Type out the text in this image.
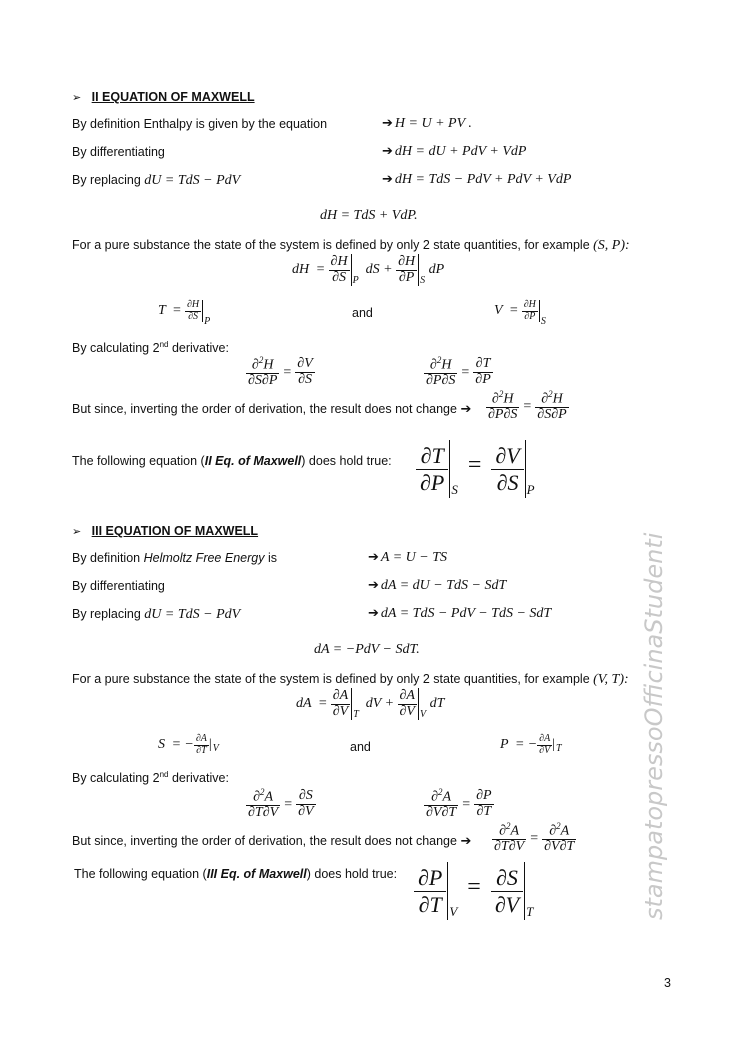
➢ II EQUATION OF MAXWELL
By definition Enthalpy is given by the equation	➔ H = U + PV .
By differentiating	➔ dH = dU + PdV + VdP
By replacing dU = TdS − PdV	➔ dH = TdS − PdV + PdV + VdP
dH = TdS + VdP.
For a pure substance the state of the system is defined by only 2 state quantities, for example (S, P):
dH = $\frac{\partial H}{\partial S} _P$  dS + $\frac{\partial H}{\partial P} _S$ dP
$T = \frac{\partial H}{\partial S} _P$
and	$V = \frac{\partial H}{\partial P} _S$
By calculating 2nd derivative:
$\frac{\partial^2H}{\partial S\partial P} = \frac{\partial V}{\partial S}$	$\frac{\partial^2H}{\partial P\partial S} = \frac{\partial T}{\partial P}$
But since, inverting the order of derivation, the result does not change ➔ $\frac{\partial^2H}{\partial P\partial S} = \frac{\partial^2H}{\partial S\partial P}$
The following equation (II Eq. of Maxwell) does hold true: $\frac{\partial T}{\partial P} S= \frac{\partial V}{\partial S}$ P
➢ III EQUATION OF MAXWELL
By definition Helmoltz Free Energy is	➔ A = U − TS
By differentiating	➔ dA = dU − TdS − SdT
By replacing dU = TdS − PdV	➔ dA = TdS − PdV − TdS − SdT
dA = −PdV − SdT.
For a pure substance the state of the system is defined by only 2 state quantities, for example (V, T):
dA = $\frac{\partial A}{\partial V} _T$  dV + $\frac{\partial A}{\partial V} _V$ dT
S = − $\frac{\partial A}{\partial T} |_V$	and	P = − $\frac{\partial A}{\partial V} |_T$
By calculating 2nd derivative:
$\frac{\partial^2A}{\partial T\partial V} = \frac{\partial S}{\partial V}$	$\frac{\partial^2A}{\partial V\partial T} = \frac{\partial P}{\partial T}$
But since, inverting the order of derivation, the result does not change ➔ $\frac{\partial^2A}{\partial T\partial V} = \frac{\partial^2A}{\partial V\partial T}$
The following equation (III Eq. of Maxwell) does hold true: $\frac{\partial P}{\partial T} V= \frac{\partial S}{\partial V}$ T	stampatopressoOfficinaStudenti
3
